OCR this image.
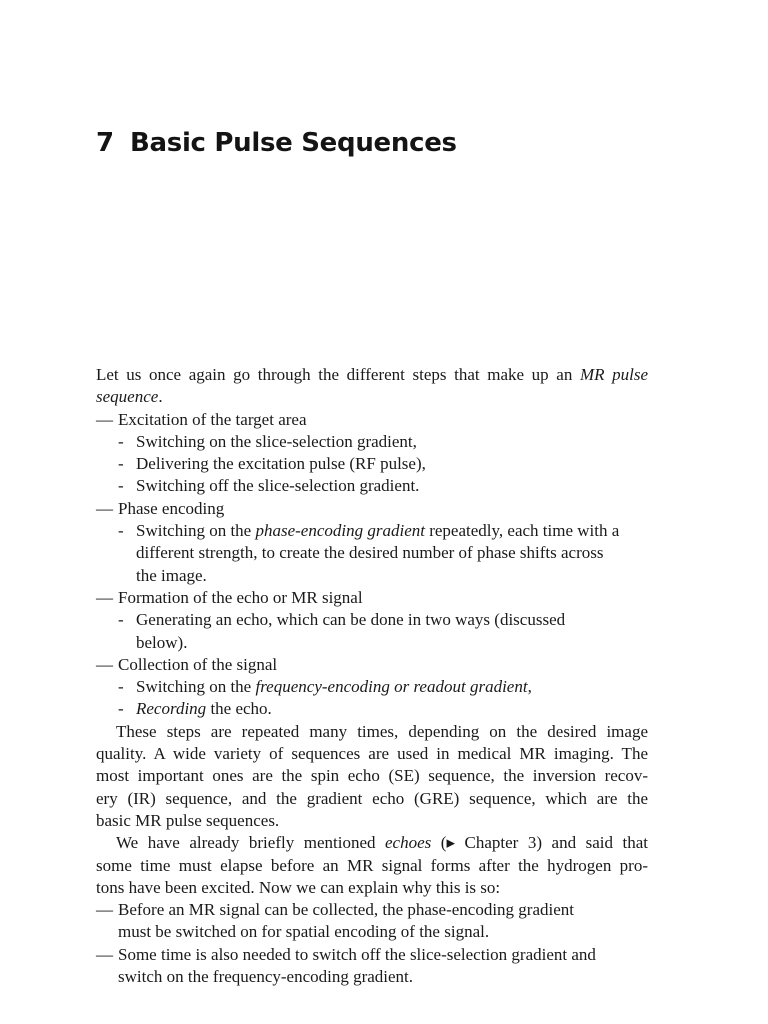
7 Basic Pulse Sequences
Let us once again go through the different steps that make up an MR pulse
sequence.
— Excitation of the target area
- Switching on the slice-selection gradient,
- Delivering the excitation pulse (RF pulse),
- Switching off the slice-selection gradient.
— Phase encoding
- Switching on the phase-encoding gradient repeatedly, each time with a
different strength, to create the desired number of phase shifts across
the image.
— Formation of the echo or MR signal
- Generating an echo, which can be done in two ways (discussed
below).
— Collection of the signal
- Switching on the frequency-encoding or readout gradient,
- Recording the echo.
These steps are repeated many times, depending on the desired image
quality. A wide variety of sequences are used in medical MR imaging. The
most important ones are the spin echo (SE) sequence, the inversion recov-
ery (IR) sequence, and the gradient echo (GRE) sequence, which are the
basic MR pulse sequences.
We have already briefly mentioned echoes (▸ Chapter 3) and said that
some time must elapse before an MR signal forms after the hydrogen pro-
tons have been excited. Now we can explain why this is so:
— Before an MR signal can be collected, the phase-encoding gradient
must be switched on for spatial encoding of the signal.
— Some time is also needed to switch off the slice-selection gradient and
switch on the frequency-encoding gradient.
